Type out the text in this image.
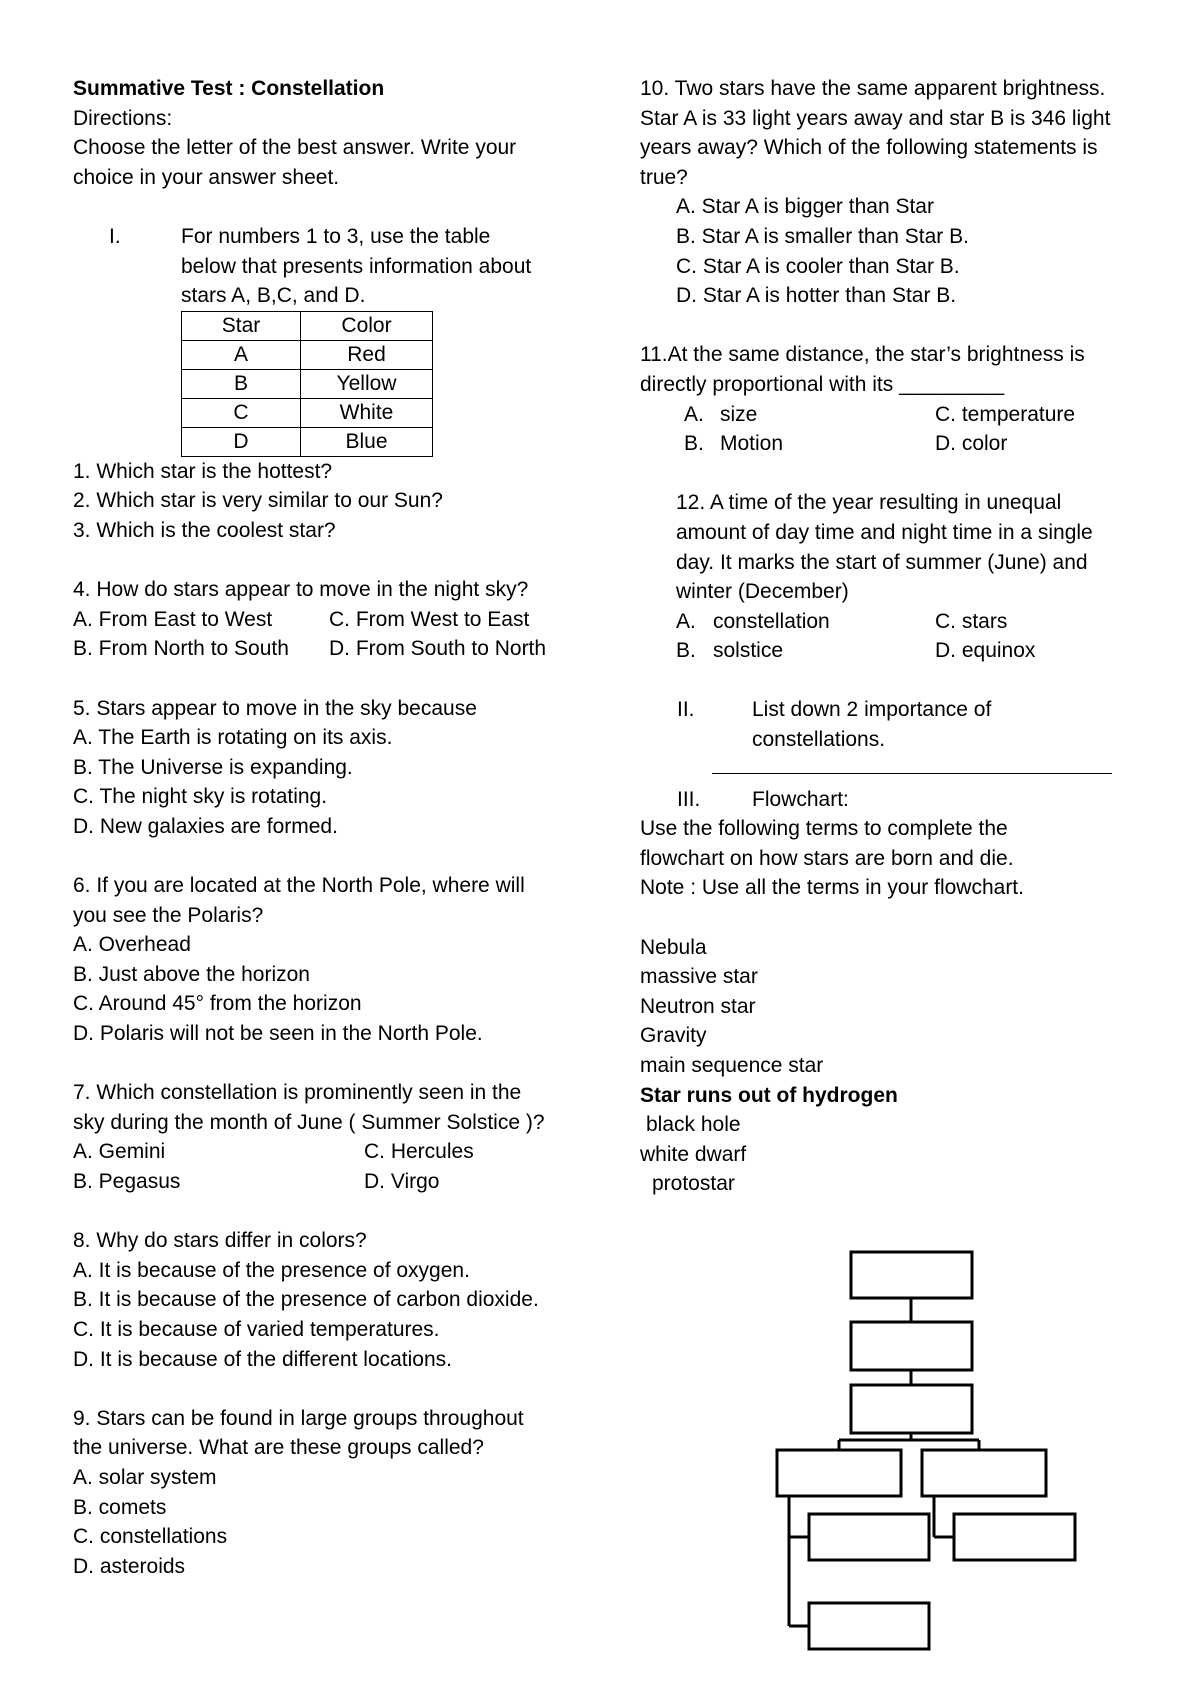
Summative Test : Constellation
Directions:
Choose the letter of the best answer. Write your
choice in your answer sheet.
I.	For numbers 1 to 3, use the table
below that presents information about
stars A, B,C, and D.
Star	Color
A	Red
B	Yellow
C	White
D	Blue
1. Which star is the hottest?
2. Which star is very similar to our Sun?
3. Which is the coolest star?
4. How do stars appear to move in the night sky?
A. From East to West	C. From West to East
B. From North to South	D. From South to North
5. Stars appear to move in the sky because
A. The Earth is rotating on its axis.
B. The Universe is expanding.
C. The night sky is rotating.
D. New galaxies are formed.
6. If you are located at the North Pole, where will
you see the Polaris?
A. Overhead
B. Just above the horizon
C. Around 45° from the horizon
D. Polaris will not be seen in the North Pole.
7. Which constellation is prominently seen in the
sky during the month of June ( Summer Solstice )?
A. Gemini	C. Hercules
B. Pegasus	D. Virgo
8. Why do stars differ in colors?
A. It is because of the presence of oxygen.
B. It is because of the presence of carbon dioxide.
C. It is because of varied temperatures.
D. It is because of the different locations.
9. Stars can be found in large groups throughout
the universe. What are these groups called?
A. solar system
B. comets
C. constellations
D. asteroids
10. Two stars have the same apparent brightness.
Star A is 33 light years away and star B is 346 light
years away? Which of the following statements is
true?
A. Star A is bigger than Star
B. Star A is smaller than Star B.
C. Star A is cooler than Star B.
D. Star A is hotter than Star B.
11.At the same distance, the star’s brightness is
directly proportional with its _________
A. size	C. temperature

B. Motion	D. color

12. A time of the year resulting in unequal
amount of day time and night time in a single
day. It marks the start of summer (June) and
winter (December)
A. constellation	C. stars

B. solstice	D. equinox

II.	List down 2 importance of
constellations.
III. Flowchart:
Use the following terms to complete the
flowchart on how stars are born and die.
Note : Use all the terms in your flowchart.
Nebula
massive star
Neutron star
Gravity
main sequence star
Star runs out of hydrogen
black hole
white dwarf
protostar
